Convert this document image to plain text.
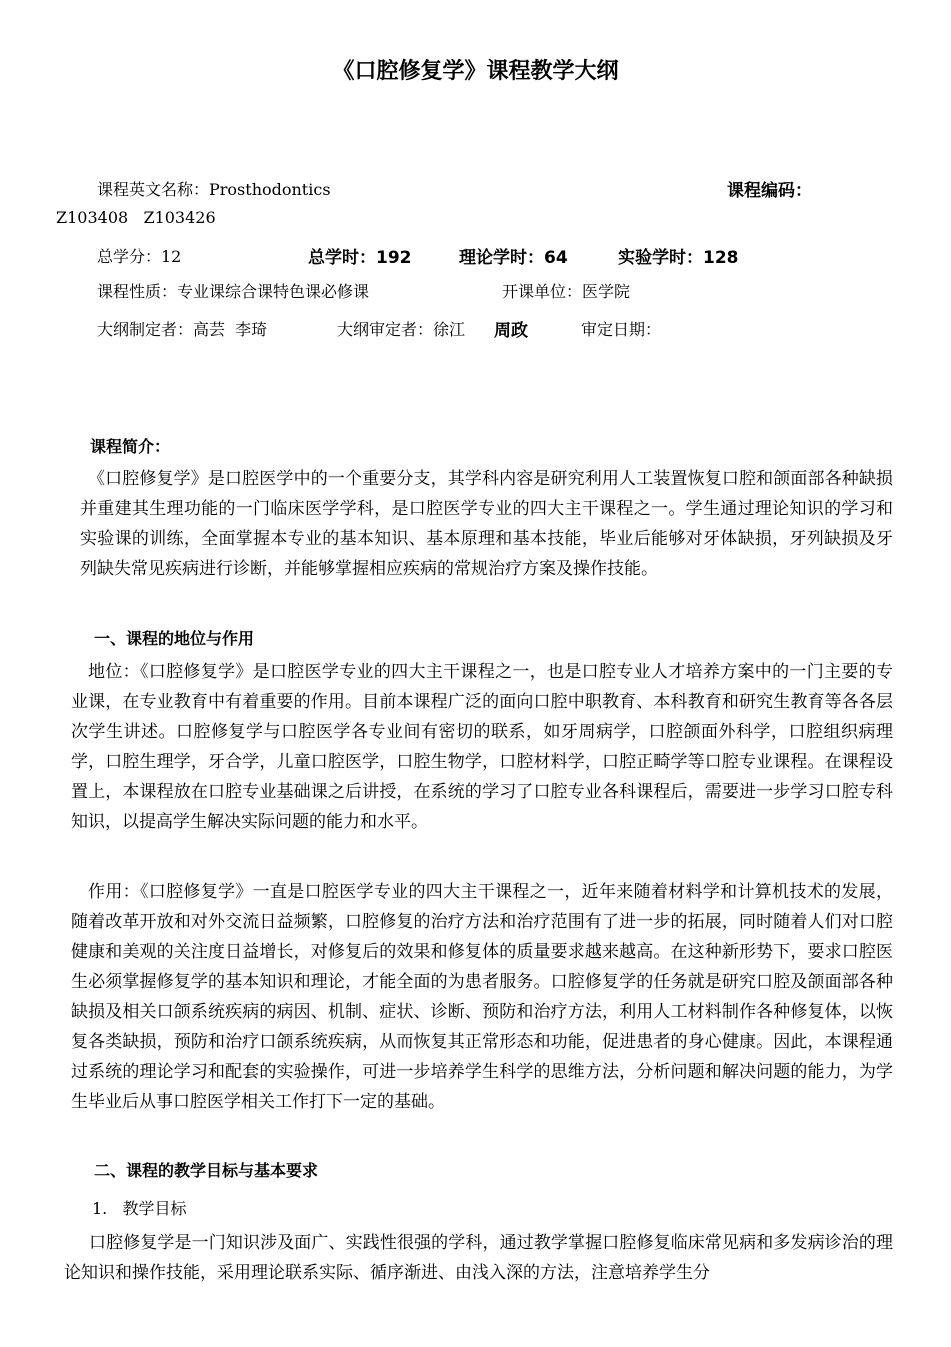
《口腔修复学》课程教学大纲
课程英文名称：Prosthodontics	课程编码：
Z103408   Z103426
总学分：12	总学时：192	理论学时：64	实验学时：128
课程性质：专业课综合课特色课必修课	开课单位：医学院
大纲制定者：高芸  李琦	大纲审定者：徐江 周政	审定日期：
课程简介：

《口腔修复学》是口腔医学中的一个重要分支，其学科内容是研究利用人工装置恢复口腔和颌面部各种缺损并重建其生理功能的一门临床医学学科，是口腔医学专业的四大主干课程之一。学生通过理论知识的学习和实验课的训练，全面掌握本专业的基本知识、基本原理和基本技能，毕业后能够对牙体缺损，牙列缺损及牙列缺失常见疾病进行诊断，并能够掌握相应疾病的常规治疗方案及操作技能。

一、课程的地位与作用

地位：《口腔修复学》是口腔医学专业的四大主干课程之一，也是口腔专业人才培养方案中的一门主要的专业课，在专业教育中有着重要的作用。目前本课程广泛的面向口腔中职教育、本科教育和研究生教育等各各层次学生讲述。口腔修复学与口腔医学各专业间有密切的联系，如牙周病学，口腔颌面外科学，口腔组织病理学，口腔生理学，牙合学，儿童口腔医学，口腔生物学，口腔材料学，口腔正畸学等口腔专业课程。在课程设置上，本课程放在口腔专业基础课之后讲授，在系统的学习了口腔专业各科课程后，需要进一步学习口腔专科知识，以提高学生解决实际问题的能力和水平。

作用：《口腔修复学》一直是口腔医学专业的四大主干课程之一，近年来随着材料学和计算机技术的发展，随着改革开放和对外交流日益频繁，口腔修复的治疗方法和治疗范围有了进一步的拓展，同时随着人们对口腔健康和美观的关注度日益增长，对修复后的效果和修复体的质量要求越来越高。在这种新形势下，要求口腔医生必须掌握修复学的基本知识和理论，才能全面的为患者服务。口腔修复学的任务就是研究口腔及颌面部各种缺损及相关口颌系统疾病的病因、机制、症状、诊断、预防和治疗方法，利用人工材料制作各种修复体，以恢复各类缺损，预防和治疗口颌系统疾病，从而恢复其正常形态和功能，促进患者的身心健康。因此，本课程通过系统的理论学习和配套的实验操作，可进一步培养学生科学的思维方法，分析问题和解决问题的能力，为学生毕业后从事口腔医学相关工作打下一定的基础。

二、课程的教学目标与基本要求
1.   教学目标

口腔修复学是一门知识涉及面广、实践性很强的学科，通过教学掌握口腔修复临床常见病和多发病诊治的理论知识和操作技能，采用理论联系实际、循序渐进、由浅入深的方法，注意培养学生分
